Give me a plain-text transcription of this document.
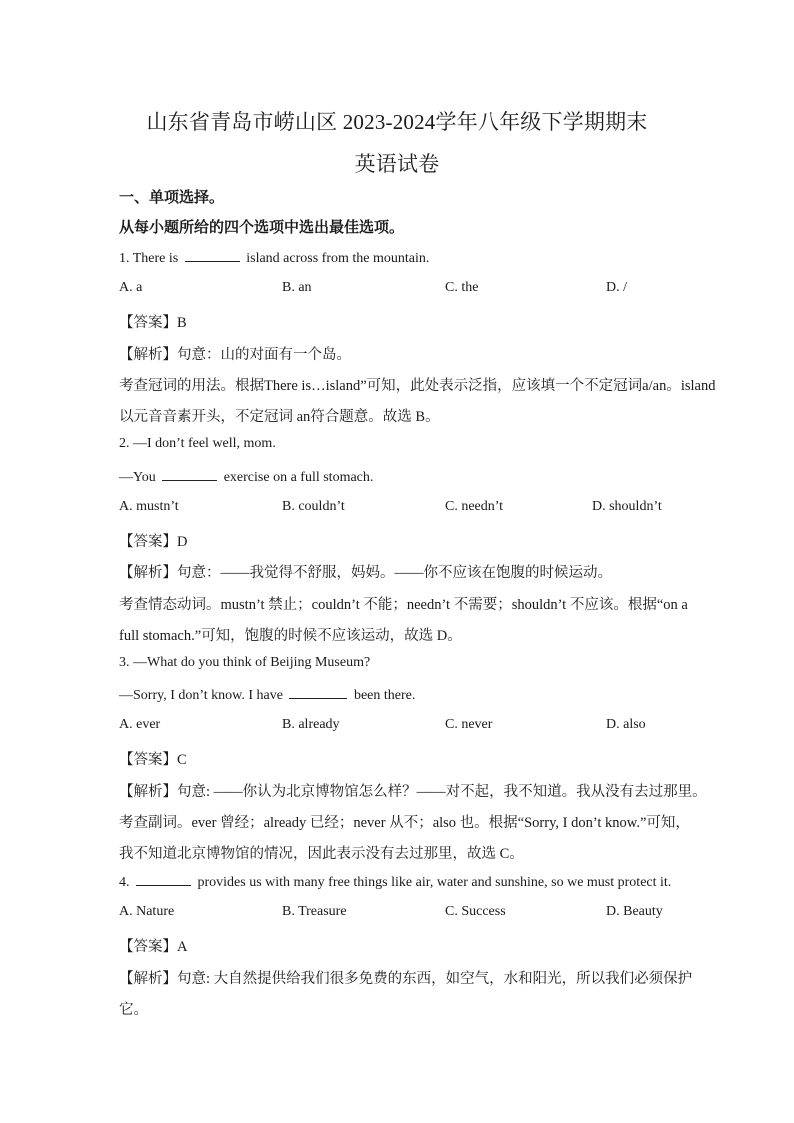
山东省青岛市崂山区 2023-2024学年八年级下学期期末
英语试卷
一、单项选择。
从每小题所给的四个选项中选出最佳选项。
1. There is	island across from the mountain.
A. a	B. an	C. the	D. /
【答案】B
【解析】句意：山的对面有一个岛。
考查冠词的用法。根据There is…island”可知，此处表示泛指，应该填一个不定冠词a/an。island
以元音音素开头，不定冠词 an符合题意。故选 B。
2. —I don’t feel well, mom.
—You	exercise on a full stomach.
A. mustn’t	B. couldn’t	C. needn’t	D. shouldn’t
【答案】D
【解析】句意：——我觉得不舒服，妈妈。——你不应该在饱腹的时候运动。
考查情态动词。mustn’t 禁止；couldn’t 不能；needn’t 不需要；shouldn’t 不应该。根据“on a
full stomach.”可知，饱腹的时候不应该运动，故选 D。
3. —What do you think of Beijing Museum?
—Sorry, I don’t know. I have	been there.
A. ever	B. already	C. never	D. also
【答案】C
【解析】句意: ——你认为北京博物馆怎么样？——对不起，我不知道。我从没有去过那里。
考查副词。ever 曾经；already 已经；never 从不；also 也。根据“Sorry, I don’t know.”可知，
我不知道北京博物馆的情况，因此表示没有去过那里，故选 C。
4.	provides us with many free things like air, water and sunshine, so we must protect it.
A. Nature	B. Treasure	C. Success	D. Beauty
【答案】A
【解析】句意: 大自然提供给我们很多免费的东西，如空气，水和阳光，所以我们必须保护
它。
